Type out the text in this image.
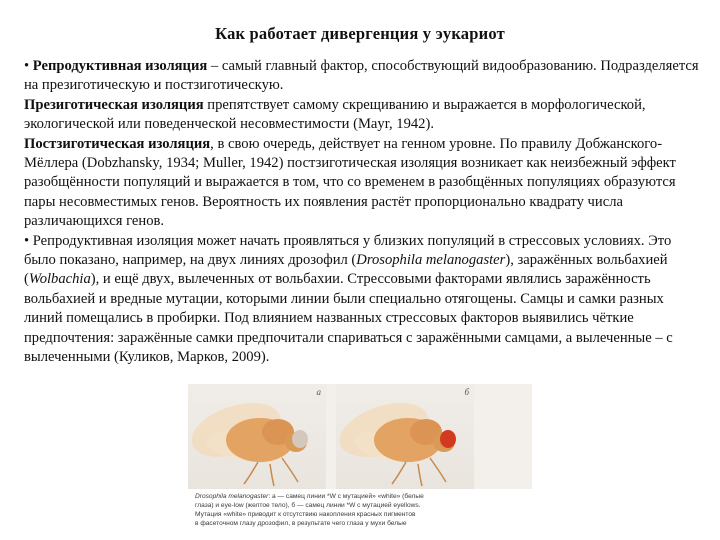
Как работает дивергенция у эукариот

• Репродуктивная изоляция – самый главный фактор, способствующий видообразованию. Подразделяется на презиготическую и постзиготическую.

Презиготическая изоляция препятствует самому скрещиванию и выражается в морфологической, экологической или поведенческой несовместимости (Mayr, 1942).

Постзиготическая изоляция, в свою очередь, действует на генном уровне. По правилу Добжанского-Мёллера (Dobzhansky, 1934; Muller, 1942) постзиготическая изоляция возникает как неизбежный эффект разобщённости популяций и выражается в том, что со временем в разобщённых популяциях образуются пары несовместимых генов. Вероятность их появления растёт пропорционально квадрату числа различающихся генов.

• Репродуктивная изоляция может начать проявляться у близких популяций в стрессовых условиях. Это было показано, например, на двух линиях дрозофил (Drosophila melanogaster), заражённых вольбахией (Wolbachia), и ещё двух, вылеченных от вольбахии. Стрессовыми факторами являлись заражённость вольбахией и вредные мутации, которыми линии были специально отягощены. Самцы и самки разных линий помещались в пробирки. Под влиянием названных стрессовых факторов выявились чёткие предпочтения: заражённые самки предпочитали спариваться с заражёнными самцами, а вылеченные – с вылеченными (Куликов, Марков, 2009).

а	б
Drosophila melanogaster: а — самец линии *W с мутацией» «white» (белые
глаза) и eye-low (желтое тело), б — самец линии *W с мутацией eyellows.
Мутация «white» приводит к отсутствию накопления красных пигментов
в фасеточном глазу дрозофил, в результате чего глаза у мухи белые
